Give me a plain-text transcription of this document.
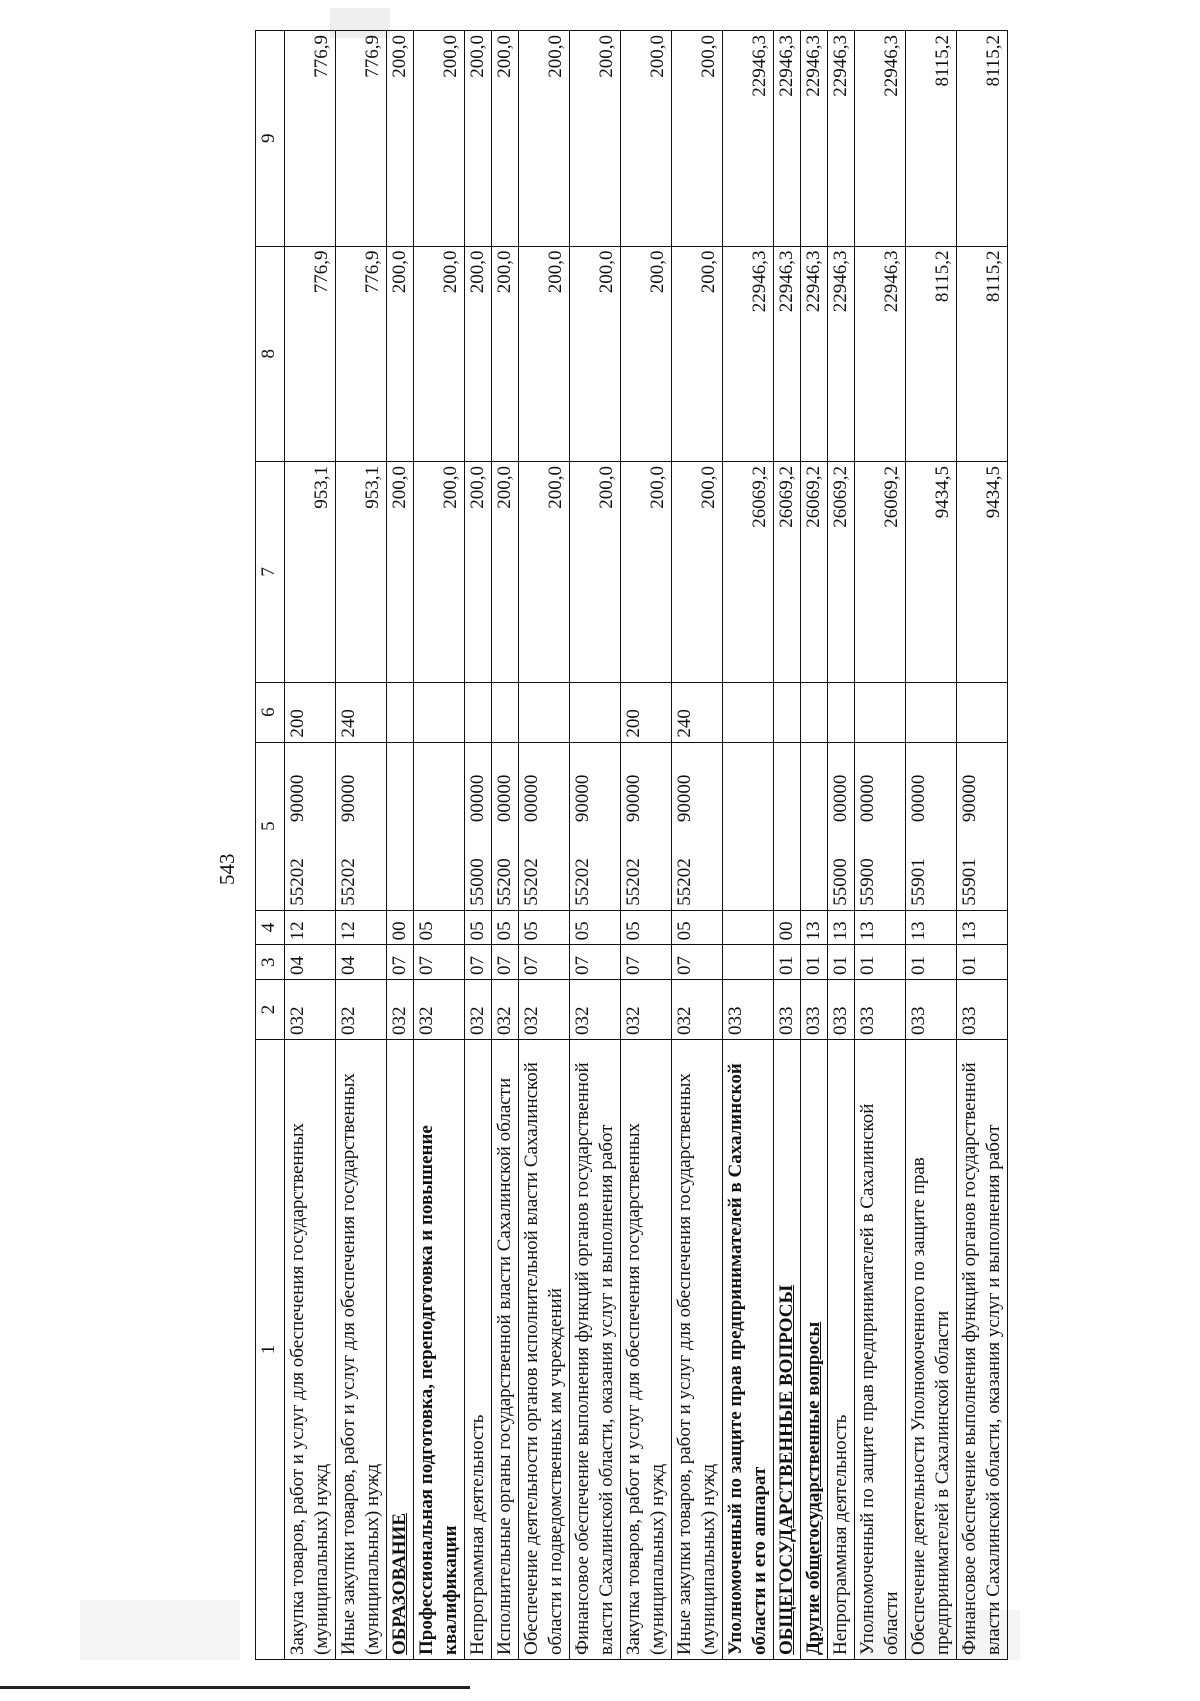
543
1	2	3	4	5		6	7	8	9
Закупка товаров, работ и услуг для обеспечения государственных (муниципальных) нужд	032	04	12	55202	90000	200	953,1	776,9	776,9
Иные закупки товаров, работ и услуг для обеспечения государственных (муниципальных) нужд	032	04	12	55202	90000	240	953,1	776,9	776,9
ОБРАЗОВАНИЕ	032	07	00				200,0	200,0	200,0
Профессиональная подготовка, переподготовка и повышение квалификации	032	07	05				200,0	200,0	200,0
Непрограммная деятельность	032	07	05	55000	00000		200,0	200,0	200,0
Исполнительные органы государственной власти Сахалинской области	032	07	05	55200	00000		200,0	200,0	200,0
Обеспечение деятельности органов исполнительной власти Сахалинской области и подведомственных им учреждений	032	07	05	55202	00000		200,0	200,0	200,0
Финансовое обеспечение выполнения функций органов государственной власти Сахалинской области, оказания услуг и выполнения работ	032	07	05	55202	90000		200,0	200,0	200,0
Закупка товаров, работ и услуг для обеспечения государственных (муниципальных) нужд	032	07	05	55202	90000	200	200,0	200,0	200,0
Иные закупки товаров, работ и услуг для обеспечения государственных (муниципальных) нужд	032	07	05	55202	90000	240	200,0	200,0	200,0
Уполномоченный по защите прав предпринимателей в Сахалинской области и его аппарат	033						26069,2	22946,3	22946,3
ОБЩЕГОСУДАРСТВЕННЫЕ ВОПРОСЫ	033	01	00				26069,2	22946,3	22946,3
Другие общегосударственные вопросы	033	01	13				26069,2	22946,3	22946,3
Непрограммная деятельность	033	01	13	55000	00000		26069,2	22946,3	22946,3
Уполномоченный по защите прав предпринимателей в Сахалинской области	033	01	13	55900	00000		26069,2	22946,3	22946,3
Обеспечение деятельности Уполномоченного по защите прав предпринимателей в Сахалинской области	033	01	13	55901	00000		9434,5	8115,2	8115,2
Финансовое обеспечение выполнения функций органов государственной власти Сахалинской области, оказания услуг и выполнения работ	033	01	13	55901	90000		9434,5	8115,2	8115,2
